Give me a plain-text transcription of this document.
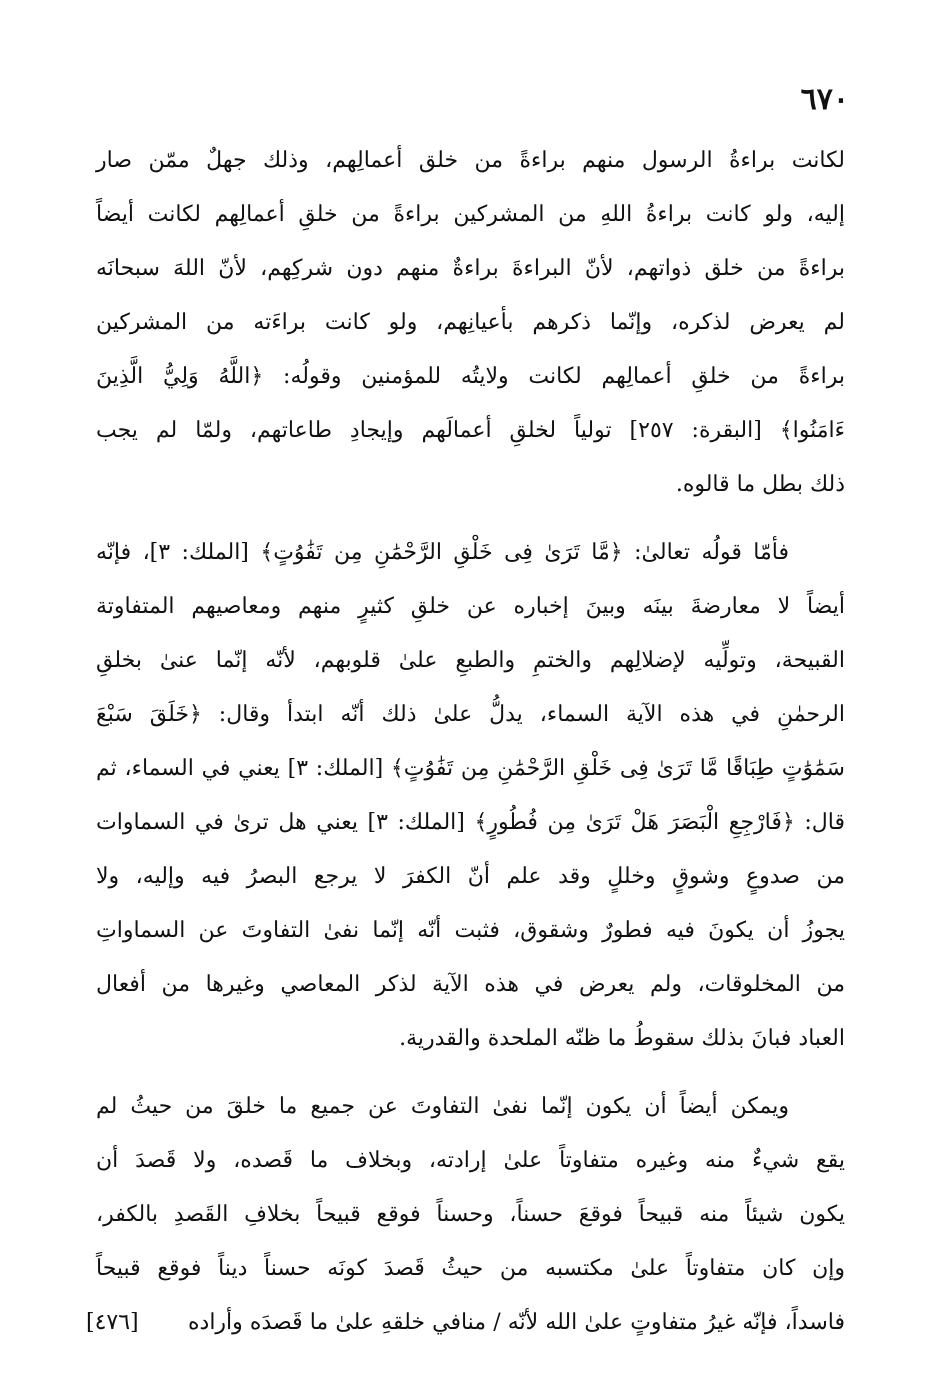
٦٧٠
لكانت براءةُ الرسول منهم براءةً من خلق أعمالِهم، وذلك جهلٌ ممّن صار
إليه، ولو كانت براءةُ اللهِ من المشركين براءةً من خلقِ أعمالِهم لكانت أيضاً
براءةً من خلق ذواتهم، لأنّ البراءةَ براءةٌ منهم دون شركِهم، لأنّ اللهَ سبحانَه
لم يعرض لذكره، وإنّما ذكرهم بأعيانِهم، ولو كانت براءَته من المشركين
براءةً من خلقِ أعمالِهم لكانت ولايتُه للمؤمنين وقولُه: ﴿اللَّهُ وَلِيُّ الَّذِينَ
ءَامَنُوا﴾ [البقرة: ٢٥٧] تولياً لخلقِ أعمالَهم وإيجادِ طاعاتهم، ولمّا لم يجب
ذلك بطل ما قالوه.
فأمّا قولُه تعالىٰ: ﴿مَّا تَرَىٰ فِى خَلْقِ الرَّحْمَٰنِ مِن تَفَٰوُتٍ﴾ [الملك: ٣]، فإنّه
أيضاً لا معارضةَ بينَه وبينَ إخباره عن خلقِ كثيرٍ منهم ومعاصيهم المتفاوتة
القبيحة، وتولِّيه لإضلالِهم والختمِ والطبعِ علىٰ قلوبهم، لأنّه إنّما عنىٰ بخلقِ
الرحمٰنِ في هذه الآية السماء، يدلُّ علىٰ ذلك أنّه ابتدأ وقال: ﴿خَلَقَ سَبْعَ
سَمَٰوَٰتٍ طِبَاقًا مَّا تَرَىٰ فِى خَلْقِ الرَّحْمَٰنِ مِن تَفَٰوُتٍ﴾ [الملك: ٣] يعني في السماء، ثم
قال: ﴿فَارْجِعِ الْبَصَرَ هَلْ تَرَىٰ مِن فُطُورٍ﴾ [الملك: ٣] يعني هل ترىٰ في السماوات
من صدوعٍ وشوقٍ وخللٍ وقد علم أنّ الكفرَ لا يرجع البصرُ فيه وإليه، ولا
يجوزُ أن يكونَ فيه فطورٌ وشقوق، فثبت أنّه إنّما نفىٰ التفاوتَ عن السماواتِ
من المخلوقات، ولم يعرض في هذه الآية لذكر المعاصي وغيرها من أفعال
العباد فبانَ بذلك سقوطُ ما ظنّه الملحدة والقدرية.
ويمكن أيضاً أن يكون إنّما نفىٰ التفاوتَ عن جميع ما خلقَ من حيثُ لم
يقع شيءٌ منه وغيره متفاوتاً علىٰ إرادته، وبخلاف ما قَصده، ولا قَصدَ أن
يكون شيئاً منه قبيحاً فوقعَ حسناً، وحسناً فوقع قبيحاً بخلافِ القَصدِ بالكفر،
وإن كان متفاوتاً علىٰ مكتسبه من حيثُ قَصدَ كونَه حسناً ديناً فوقع قبيحاً
فاسداً، فإنّه غيرُ متفاوتٍ علىٰ الله لأنّه / منافي خلقهِ علىٰ ما قَصدَه وأراده
[٤٧٦]
